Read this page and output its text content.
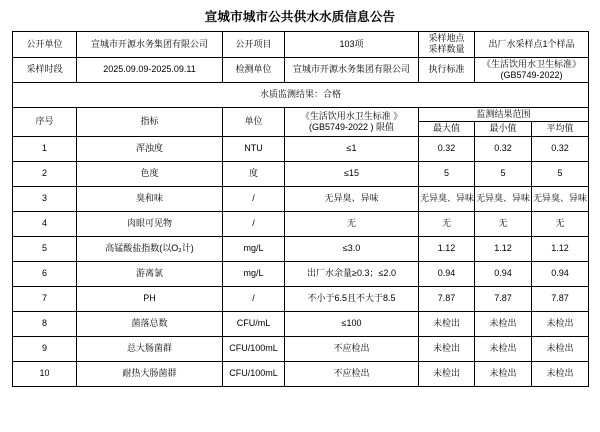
宣城市城市公共供水水质信息公告
公开单位	宣城市开源水务集团有限公司	公开项目	103项	采样地点
采样数量	出厂水采样点1个样品	
采样时段	2025.09.09-2025.09.11	检测单位	宣城市开源水务集团有限公司	执行标准	《生活饮用水卫生标准》
(GB5749-2022)	
水质监测结果：合格						
序号	指标	单位	《生活饮用水卫生标准 》
(GB5749-2022 ) 限值	监测结果范围		
				最大值	最小值	平均值
1	浑浊度	NTU	≤1	0.32	0.32	0.32
2	色度	度	≤15	5	5	5
3	臭和味	/	无异臭、异味	无异臭、异味	无异臭、异味	无异臭、异味
4	肉眼可见物	/	无	无	无	无
5	高锰酸盐指数(以O₂计)	mg/L	≤3.0	1.12	1.12	1.12
6	游离氯	mg/L	出厂水余量≥0.3；≤2.0	0.94	0.94	0.94
7	PH	/	不小于6.5且不大于8.5	7.87	7.87	7.87
8	菌落总数	CFU/mL	≤100	未检出	未检出	未检出
9	总大肠菌群	CFU/100mL	不应检出	未检出	未检出	未检出
10	耐热大肠菌群	CFU/100mL	不应检出	未检出	未检出	未检出
